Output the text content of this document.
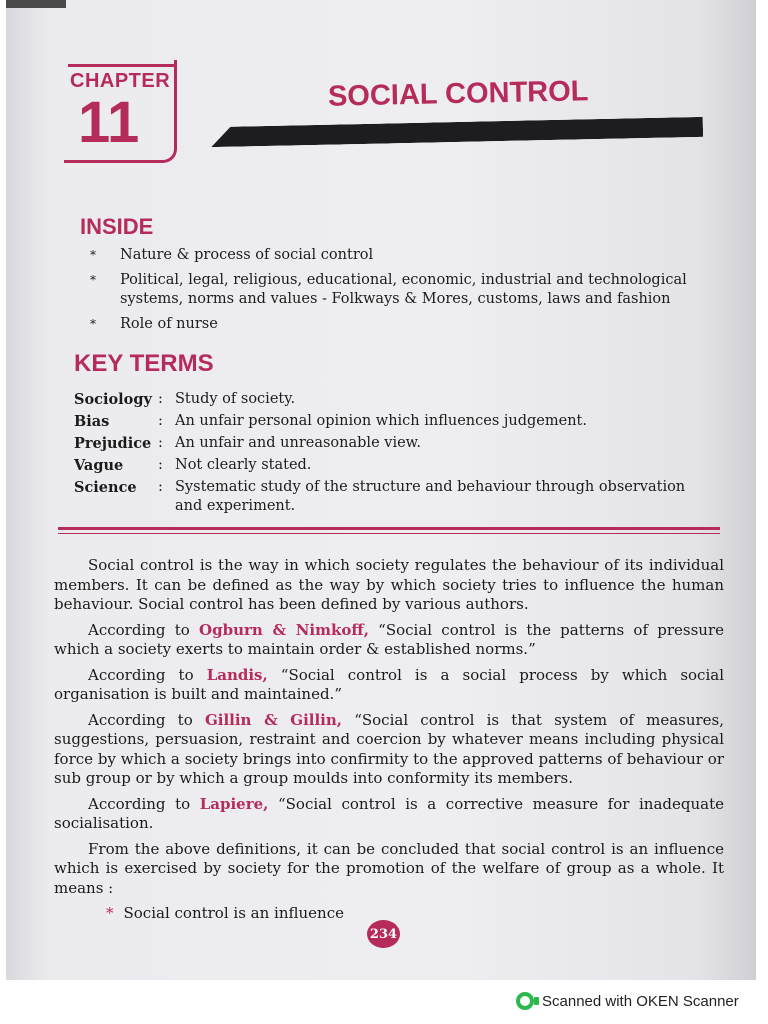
CHAPTER
11	SOCIAL CONTROL
INSIDE
* Nature & process of social control
* Political, legal, religious, educational, economic, industrial and technological systems, norms and values - Folkways & Mores, customs, laws and fashion
* Role of nurse
KEY TERMS
Sociology : Study of society.
Bias	: An unfair personal opinion which influences judgement.
Prejudice : An unfair and unreasonable view.
Vague	: Not clearly stated.
Science	: Systematic study of the structure and behaviour through observation and experiment.

Social control is the way in which society regulates the behaviour of its individual members. It can be defined as the way by which society tries to influence the human behaviour. Social control has been defined by various authors.

According to Ogburn & Nimkoff, “Social control is the patterns of pressure which a society exerts to maintain order & established norms.”

According to Landis, “Social control is a social process by which social organisation is built and maintained.”

According to Gillin & Gillin, “Social control is that system of measures, suggestions, persuasion, restraint and coercion by whatever means including physical force by which a society brings into confirmity to the approved patterns of behaviour or sub group or by which a group moulds into conformity its members.

According to Lapiere, “Social control is a corrective measure for inadequate socialisation.

From the above definitions, it can be concluded that social control is an influence which is exercised by society for the promotion of the welfare of group as a whole. It means :

* Social control is an influence

234
Scanned with OKEN Scanner
